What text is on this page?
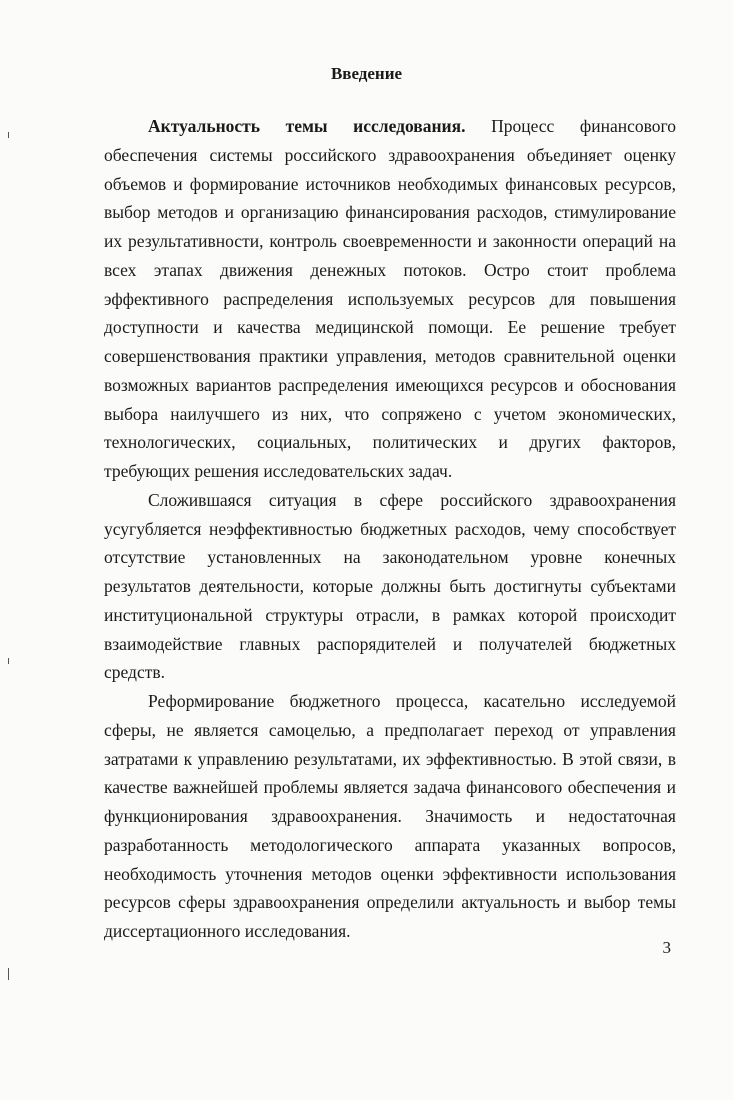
Введение

Актуальность темы исследования. Процесс финансового обеспечения системы российского здравоохранения объединяет оценку объемов и формирование источников необходимых финансовых ресурсов, выбор методов и организацию финансирования расходов, стимулирование их результативности, контроль своевременности и законности операций на всех этапах движения денежных потоков. Остро стоит проблема эффективного распределения используемых ресурсов для повышения доступности и качества медицинской помощи. Ее решение требует совершенствования практики управления, методов сравнительной оценки возможных вариантов распределения имеющихся ресурсов и обоснования выбора наилучшего из них, что сопряжено с учетом экономических, технологических, социальных, политических и других факторов, требующих решения исследовательских задач.

Сложившаяся ситуация в сфере российского здравоохранения усугубляется неэффективностью бюджетных расходов, чему способствует отсутствие установленных на законодательном уровне конечных результатов деятельности, которые должны быть достигнуты субъектами институциональной структуры отрасли, в рамках которой происходит взаимодействие главных распорядителей и получателей бюджетных средств.

Реформирование бюджетного процесса, касательно исследуемой сферы, не является самоцелью, а предполагает переход от управления затратами к управлению результатами, их эффективностью. В этой связи, в качестве важнейшей проблемы является задача финансового обеспечения и функционирования здравоохранения. Значимость и недостаточная разработанность методологического аппарата указанных вопросов, необходимость уточнения методов оценки эффективности использования ресурсов сферы здравоохранения определили актуальность и выбор темы диссертационного исследования.

3
